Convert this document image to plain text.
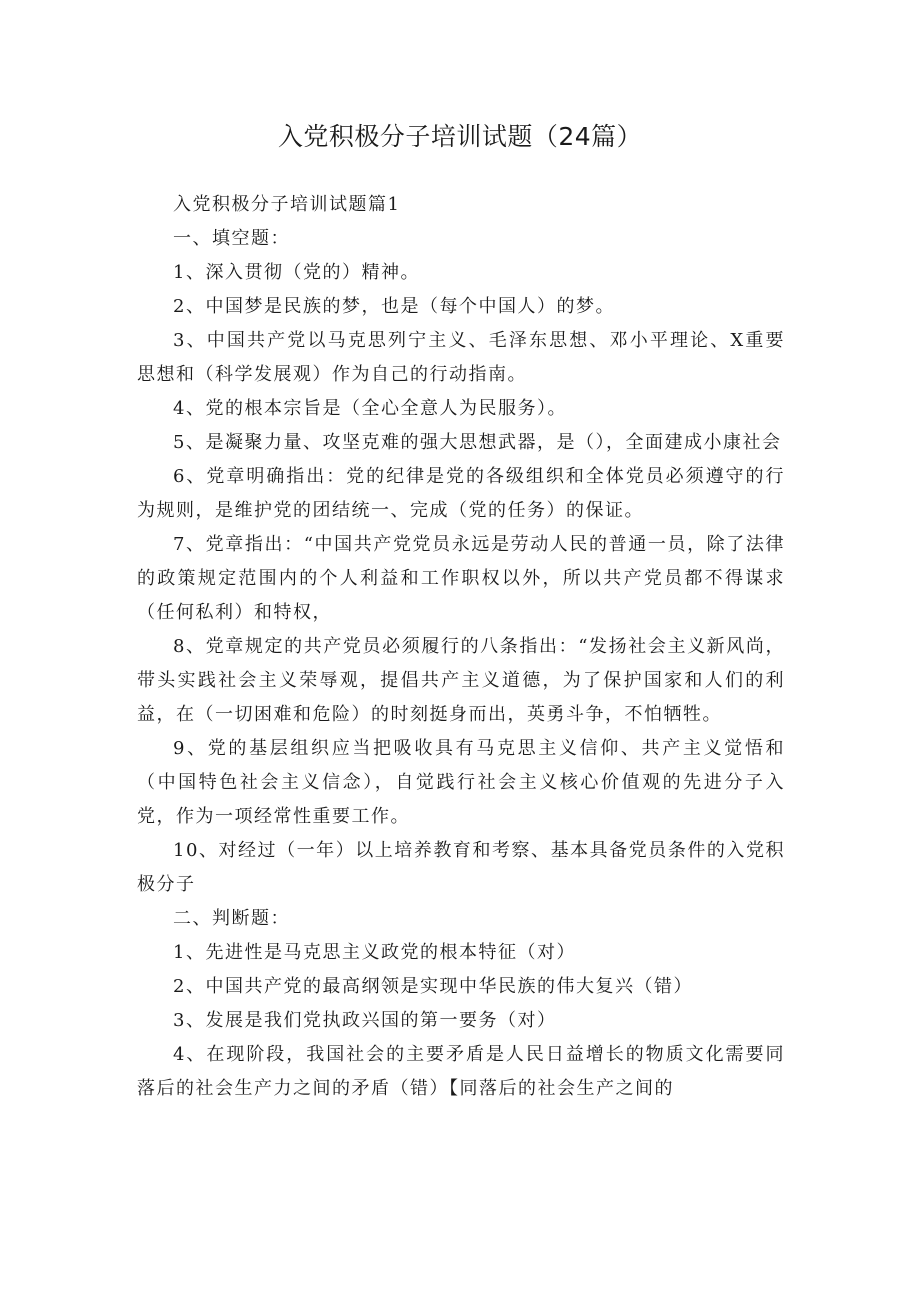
入党积极分子培训试题（24篇）

入党积极分子培训试题篇1

一、填空题：

1、深入贯彻（党的）精神。

2、中国梦是民族的梦，也是（每个中国人）的梦。

3、中国共产党以马克思列宁主义、毛泽东思想、邓小平理论、X重要思想和（科学发展观）作为自己的行动指南。

4、党的根本宗旨是（全心全意人为民服务）。

5、是凝聚力量、攻坚克难的强大思想武器，是（），全面建成小康社会

6、党章明确指出：党的纪律是党的各级组织和全体党员必须遵守的行为规则，是维护党的团结统一、完成（党的任务）的保证。

7、党章指出：“中国共产党党员永远是劳动人民的普通一员，除了法律的政策规定范围内的个人利益和工作职权以外，所以共产党员都不得谋求（任何私利）和特权，

8、党章规定的共产党员必须履行的八条指出：“发扬社会主义新风尚，带头实践社会主义荣辱观，提倡共产主义道德，为了保护国家和人们的利益，在（一切困难和危险）的时刻挺身而出，英勇斗争，不怕牺牲。

9、党的基层组织应当把吸收具有马克思主义信仰、共产主义觉悟和（中国特色社会主义信念），自觉践行社会主义核心价值观的先进分子入党，作为一项经常性重要工作。

10、对经过（一年）以上培养教育和考察、基本具备党员条件的入党积极分子

二、判断题：

1、先进性是马克思主义政党的根本特征（对）

2、中国共产党的最高纲领是实现中华民族的伟大复兴（错）

3、发展是我们党执政兴国的第一要务（对）

4、在现阶段，我国社会的主要矛盾是人民日益增长的物质文化需要同落后的社会生产力之间的矛盾（错）【同落后的社会生产之间的
